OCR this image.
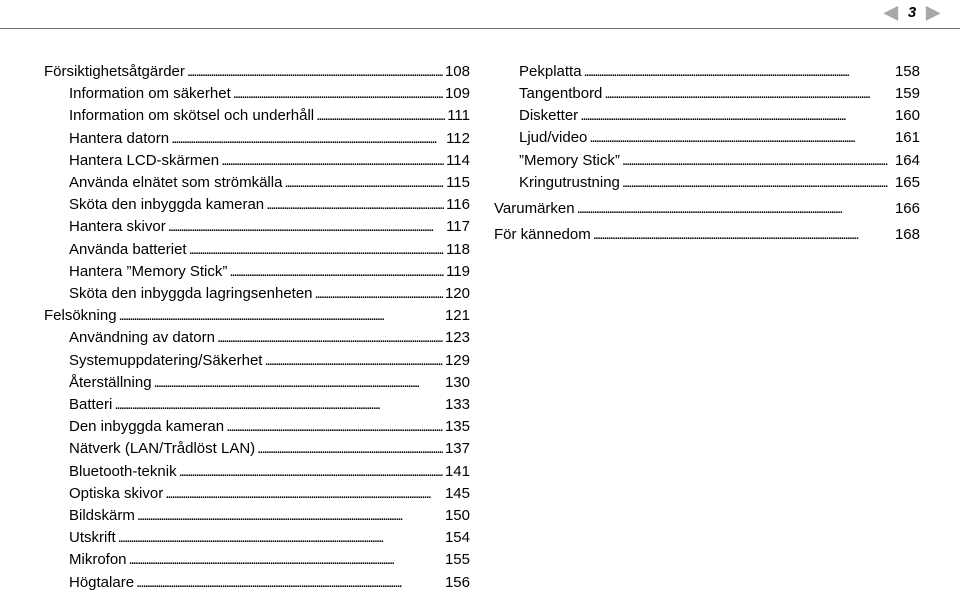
◀ 3 ▶
Försiktighetsåtgärder . . .	108
Information om säkerhet . . .	109
Information om skötsel och underhåll . . .	111
Hantera datorn . . .	112
Hantera LCD-skärmen . . .	114
Använda elnätet som strömkälla . . .	115
Sköta den inbyggda kameran . . .	116
Hantera skivor . . .	117
Använda batteriet . . .	118
Hantera ”Memory Stick” . . .	119
Sköta den inbyggda lagringsenheten . . .	120
Felsökning . . .	121
Användning av datorn . . .	123
Systemuppdatering/Säkerhet . . .	129
Återställning . . .	130
Batteri . . .	133
Den inbyggda kameran . . .	135
Nätverk (LAN/Trådlöst LAN) . . .	137
Bluetooth-teknik . . .	141
Optiska skivor . . .	145
Bildskärm . . .	150
Utskrift . . .	154
Mikrofon . . .	155
Högtalare . . .	156
Pekplatta . . .	158
Tangentbord . . .	159
Disketter . . .	160
Ljud/video . . .	161
”Memory Stick” . . .	164
Kringutrustning . . .	165
Varumärken . . .	166
För kännedom . . .	168
